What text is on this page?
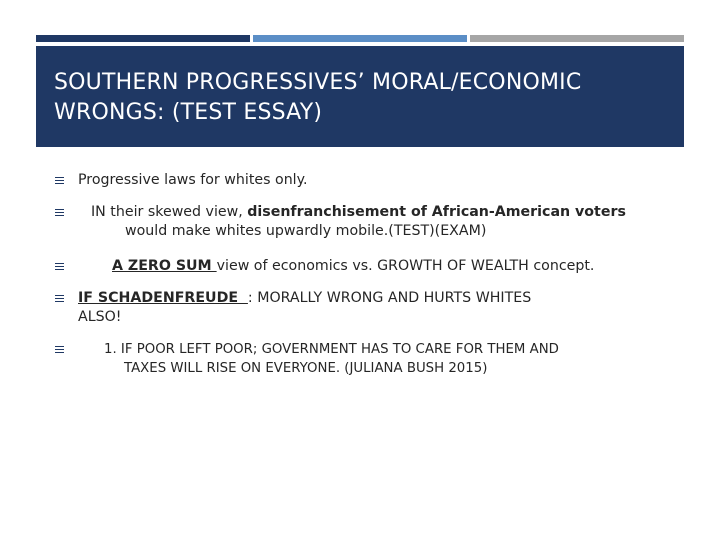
SOUTHERN PROGRESSIVES’ MORAL/ECONOMIC
WRONGS: (TEST ESSAY)

Progressive laws for whites only.

IN their skewed view, disenfranchisement of African-American voters

would make whites upwardly mobile.(TEST)(EXAM)

A ZERO SUM view of economics vs. GROWTH OF WEALTH concept.

IF SCHADENFREUDE  : MORALLY WRONG AND HURTS WHITES

ALSO!

1. IF POOR LEFT POOR; GOVERNMENT HAS TO CARE FOR THEM AND

TAXES WILL RISE ON EVERYONE. (JULIANA BUSH 2015)
